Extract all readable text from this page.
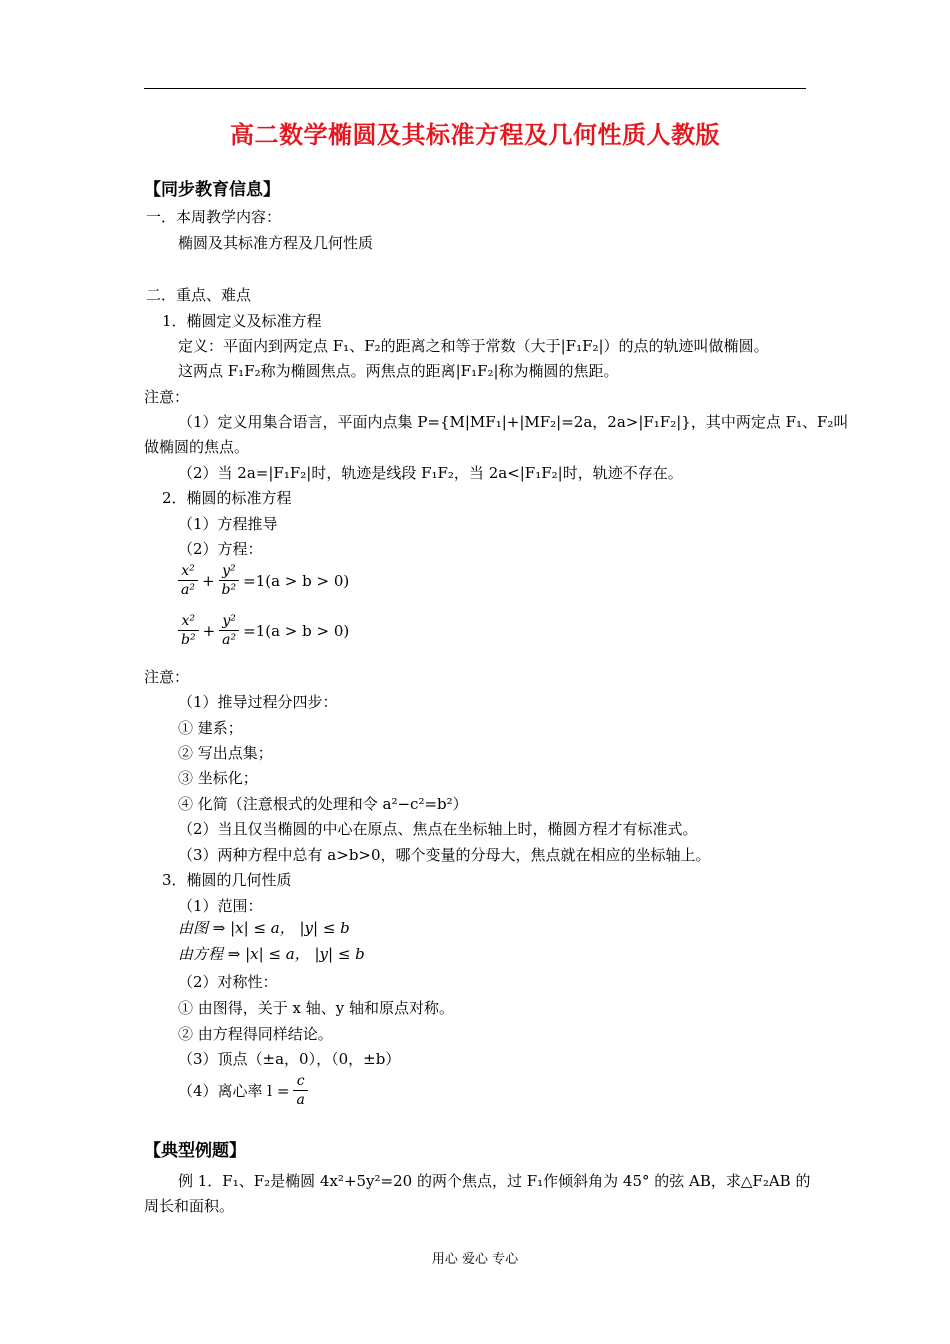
高二数学椭圆及其标准方程及几何性质人教版
【同步教育信息】
一．本周教学内容：
椭圆及其标准方程及几何性质
二．重点、难点
1．椭圆定义及标准方程
定义：平面内到两定点 F₁、F₂的距离之和等于常数（大于|F₁F₂|）的点的轨迹叫做椭圆。
这两点 F₁F₂称为椭圆焦点。两焦点的距离|F₁F₂|称为椭圆的焦距。
注意：
（1）定义用集合语言，平面内点集 P={M|MF₁|+|MF₂|=2a，2a>|F₁F₂|}，其中两定点 F₁、F₂叫
做椭圆的焦点。
（2）当 2a=|F₁F₂|时，轨迹是线段 F₁F₂，当 2a<|F₁F₂|时，轨迹不存在。
2．椭圆的标准方程
（1）方程推导
（2）方程：
$\frac{\text{x²}}{\text{a²}} + \frac{\text{y²}}{\text{b²}} =1(a > b > 0)$
$\frac{\text{x²}}{\text{b²}} + \frac{\text{y²}}{\text{a²}} =1(a > b > 0)$
注意：
（1）推导过程分四步：
① 建系；
② 写出点集；
③ 坐标化；
④ 化简（注意根式的处理和令 a²−c²=b²）
（2）当且仅当椭圆的中心在原点、焦点在坐标轴上时，椭圆方程才有标准式。
（3）两种方程中总有 a>b>0，哪个变量的分母大，焦点就在相应的坐标轴上。
3．椭圆的几何性质
（1）范围：
由图 ⇒ |x| ≤ a， |y| ≤ b
由方程 ⇒ |x| ≤ a， |y| ≤ b
（2）对称性：
① 由图得，关于 x 轴、y 轴和原点对称。
② 由方程得同样结论。
（3）顶点（±a，0），（0，±b）
（4）离心率 $l = \frac{c}{a}$
【典型例题】
例 1．F₁、F₂是椭圆 4x²+5y²=20 的两个焦点，过 F₁作倾斜角为 45° 的弦 AB，求△F₂AB 的
周长和面积。
用心 爱心 专心
